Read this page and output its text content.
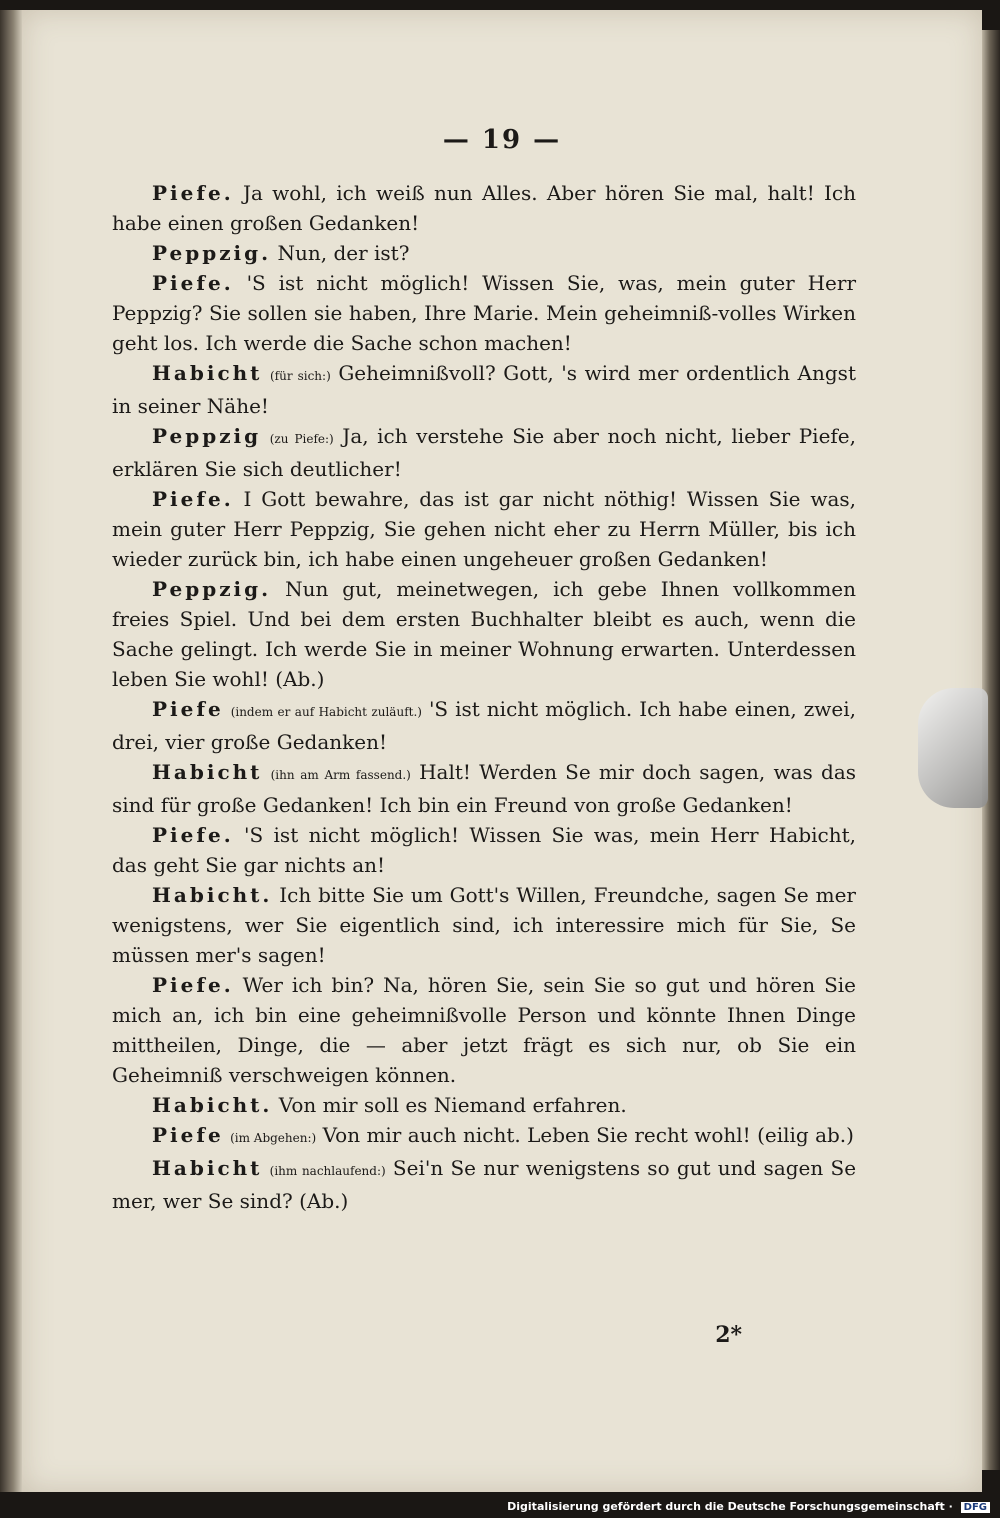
— 19 —

Piefe. Ja wohl, ich weiß nun Alles. Aber hören Sie mal, halt! Ich habe einen großen Gedanken!

Peppzig. Nun, der ist?

Piefe. 'S ist nicht möglich! Wissen Sie, was, mein guter Herr Peppzig? Sie sollen sie haben, Ihre Marie. Mein geheimniß-volles Wirken geht los. Ich werde die Sache schon machen!

Habicht (für sich:) Geheimnißvoll? Gott, 's wird mer ordentlich Angst in seiner Nähe!

Peppzig (zu Piefe:) Ja, ich verstehe Sie aber noch nicht, lieber Piefe, erklären Sie sich deutlicher!

Piefe. I Gott bewahre, das ist gar nicht nöthig! Wissen Sie was, mein guter Herr Peppzig, Sie gehen nicht eher zu Herrn Müller, bis ich wieder zurück bin, ich habe einen ungeheuer großen Gedanken!

Peppzig. Nun gut, meinetwegen, ich gebe Ihnen vollkommen freies Spiel. Und bei dem ersten Buchhalter bleibt es auch, wenn die Sache gelingt. Ich werde Sie in meiner Wohnung erwarten. Unterdessen leben Sie wohl! (Ab.)

Piefe (indem er auf Habicht zuläuft.) 'S ist nicht möglich. Ich habe einen, zwei, drei, vier große Gedanken!

Habicht (ihn am Arm fassend.) Halt! Werden Se mir doch sagen, was das sind für große Gedanken! Ich bin ein Freund von große Gedanken!

Piefe. 'S ist nicht möglich! Wissen Sie was, mein Herr Habicht, das geht Sie gar nichts an!

Habicht. Ich bitte Sie um Gott's Willen, Freundche, sagen Se mer wenigstens, wer Sie eigentlich sind, ich interessire mich für Sie, Se müssen mer's sagen!

Piefe. Wer ich bin? Na, hören Sie, sein Sie so gut und hören Sie mich an, ich bin eine geheimnißvolle Person und könnte Ihnen Dinge mittheilen, Dinge, die — aber jetzt frägt es sich nur, ob Sie ein Geheimniß verschweigen können.

Habicht. Von mir soll es Niemand erfahren.

Piefe (im Abgehen:) Von mir auch nicht. Leben Sie recht wohl! (eilig ab.)

Habicht (ihm nachlaufend:) Sei'n Se nur wenigstens so gut und sagen Se mer, wer Se sind? (Ab.)

2*
Digitalisierung gefördert durch die Deutsche Forschungsgemeinschaft · DFG
